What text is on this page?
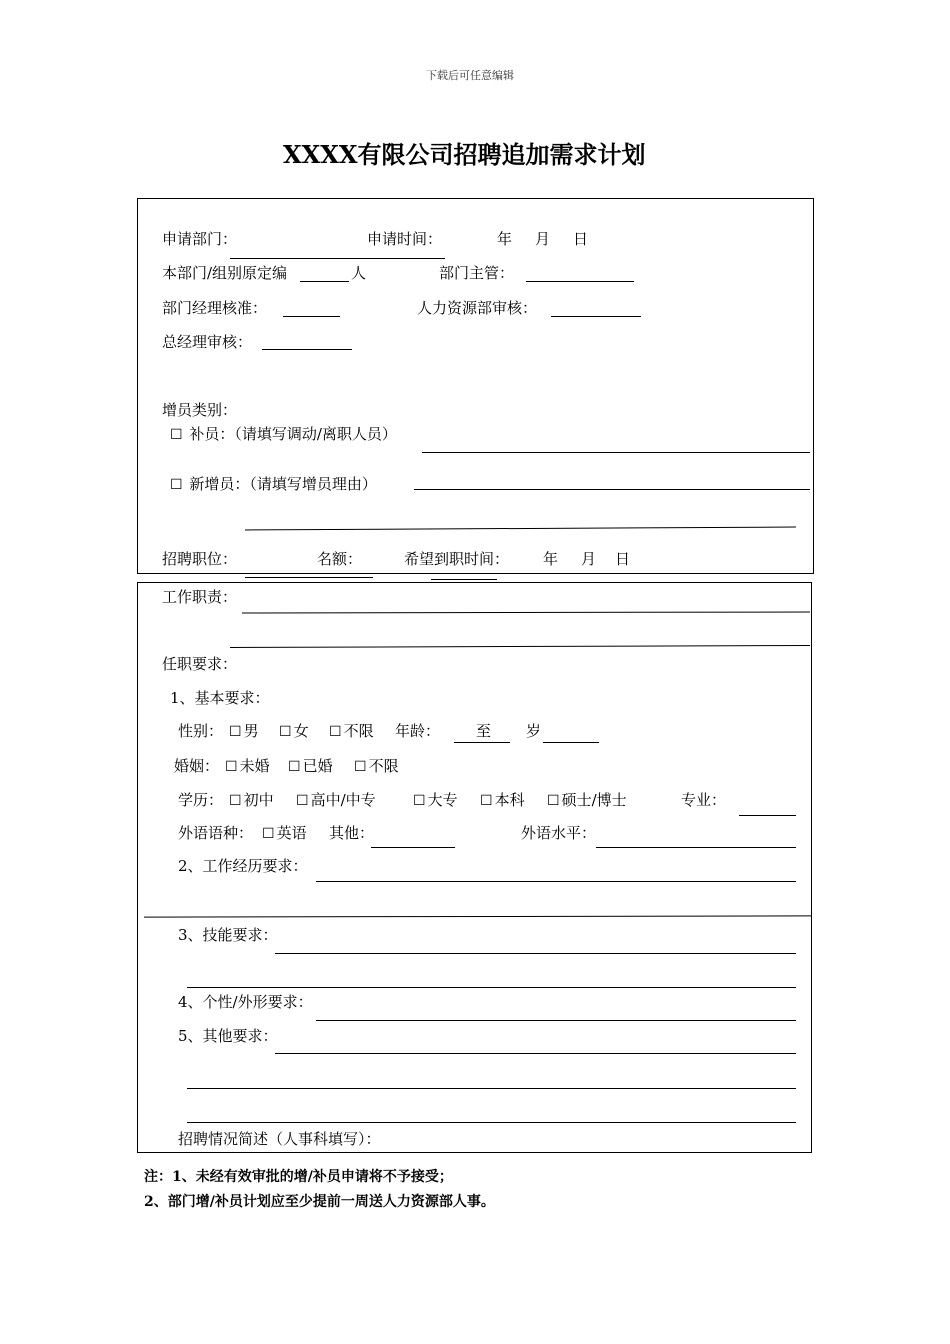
下载后可任意编辑
XXXX有限公司招聘追加需求计划
申请部门：	申请时间：	年 月 日
本部门/组别原定编	人	部门主管：
部门经理核准：	人力资源部审核：
总经理审核：
增员类别：
☐ 补员：（请填写调动/离职人员）
☐ 新增员：（请填写增员理由）
招聘职位：	名额：	希望到职时间： 年 月 日
工作职责：
任职要求：
1、基本要求：
性别： ☐ 男 ☐ 女 ☐ 不限 年龄： 至 岁
婚姻： ☐ 未婚 ☐ 已婚 ☐ 不限
学历： ☐ 初中 ☐ 高中/中专	☐ 大专 ☐ 本科 ☐ 硕士/博士	专业：
外语语种： ☐ 英语 其他：	外语水平：
2、工作经历要求：
3、技能要求：
4、个性/外形要求：
5、其他要求：
招聘情况简述（人事科填写）：
注：1、未经有效审批的增/补员申请将不予接受；
2、部门增/补员计划应至少提前一周送人力资源部人事。
